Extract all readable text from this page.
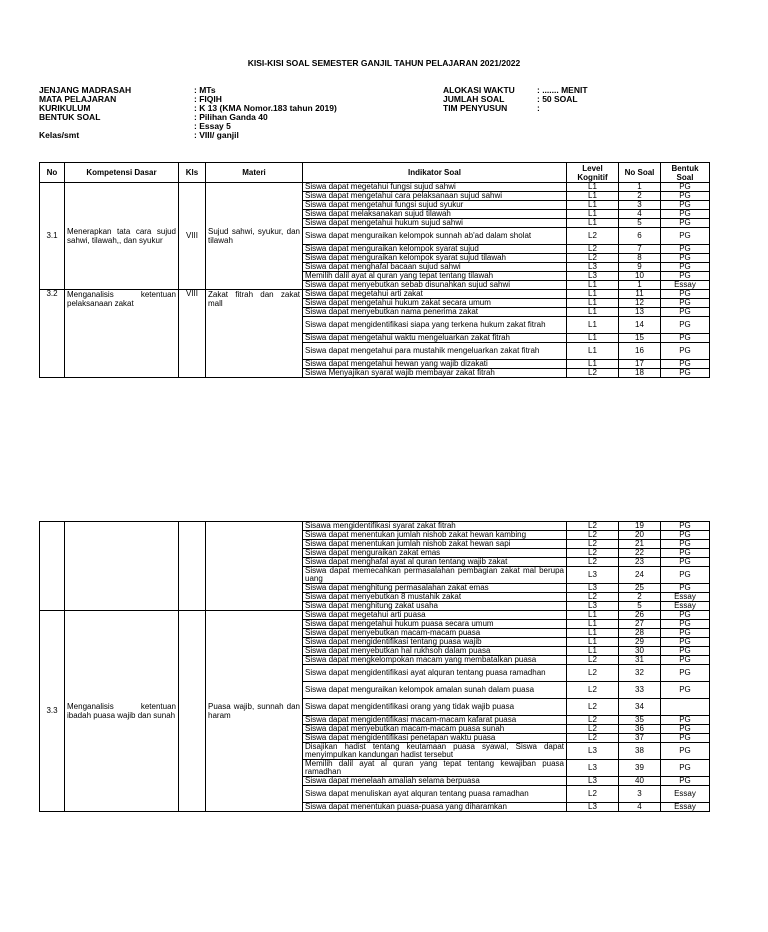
KISI-KISI SOAL SEMESTER GANJIL TAHUN PELAJARAN 2021/2022
JENJANG MADRASAH	: MTs
MATA PELAJARAN	: FIQIH
KURIKULUM	: K 13 (KMA Nomor.183 tahun 2019)
BENTUK SOAL	: Pilihan Ganda 40
: Essay 5
Kelas/smt	: VIII/ ganjil
ALOKASI WAKTU	: ....... MENIT
JUMLAH SOAL	: 50 SOAL
TIM PENYUSUN	:
No	Kompetensi Dasar	Kls	Materi	Indikator Soal	Level Kognitif	No Soal	Bentuk Soal
3.1	Menerapkan tata cara sujud sahwi, tilawah,, dan syukur	VIII	Sujud sahwi, syukur, dan tilawah	Siswa dapat megetahui fungsi sujud sahwi	L1	1	PG
				Siswa dapat mengetahui cara pelaksanaan sujud sahwi	L1	2	PG
				Siswa dapat mengetahui fungsi sujud syukur	L1	3	PG
				Siswa dapat melaksanakan sujud tilawah	L1	4	PG
				Siswa dapat mengetahui hukum sujud sahwi	L1	5	PG
				Siswa dapat menguraikan kelompok sunnah ab'ad dalam sholat	L2	6	PG
				Siswa dapat menguraikan kelompok syarat sujud	L2	7	PG
				Siswa dapat menguraikan kelompok syarat sujud tilawah	L2	8	PG
				Siswa dapat menghafal bacaan sujud sahwi	L3	9	PG
				Memilih dalil ayat al quran yang tepat tentang tilawah	L3	10	PG
				Siswa dapat menyebutkan sebab disunahkan sujud sahwi	L1	1	Essay
3.2	Menganalisis ketentuan pelaksanaan zakat	VIII	Zakat fitrah dan zakat mall	Siswa dapat megetahui arti zakat	L1	11	PG
				Siswa dapat mengetahui hukum zakat secara umum	L1	12	PG
				Siswa dapat menyebutkan nama penerima zakat	L1	13	PG
				Siswa dapat mengidentifikasi siapa yang terkena hukum zakat fitrah	L1	14	PG
				Siswa dapat mengetahui waktu mengeluarkan zakat fitrah	L1	15	PG
				Siswa dapat mengetahui para mustahik mengeluarkan zakat fitrah	L1	16	PG
				Siswa dapat mengetahui hewan yang wajib dizakati	L1	17	PG
				Siswa Menyajikan syarat wajib membayar zakat fitrah	L2	18	PG
				Sisawa mengidentifikasi syarat zakat fitrah	L2	19	PG
				Siswa dapat menentukan jumlah nishob zakat hewan kambing	L2	20	PG
				Siswa dapat menentukan jumlah nishob zakat hewan sapi	L2	21	PG
				Siswa dapat menguraikan zakat emas	L2	22	PG
				Siswa dapat menghafal ayat al quran tentang wajib zakat	L2	23	PG
				Siswa dapat memecahkan permasalahan pembagian zakat mal berupa uang	L3	24	PG
				Siswa dapat menghitung permasalahan zakat emas	L3	25	PG
				Siswa dapat menyebutkan 8 mustahik zakat	L2	2	Essay
				Siswa dapat menghitung zakat usaha	L3	5	Essay
3.3	Menganalisis ketentuan ibadah puasa wajib dan sunah		Puasa wajib, sunnah dan haram	Siswa dapat megetahui arti puasa	L1	26	PG
				Siswa dapat mengetahui hukum puasa secara umum	L1	27	PG
				Siswa dapat menyebutkan macam-macam puasa	L1	28	PG
				Siswa dapat mengidentifikasi tentang puasa wajib	L1	29	PG
				Siswa dapat menyebutkan hal rukhsoh dalam puasa	L1	30	PG
				Siswa dapat mengkelompokan macam yang membatalkan puasa	L2	31	PG
				Siswa dapat mengidentifikasi ayat alquran tentang puasa ramadhan	L2	32	PG
				Siswa dapat menguraikan kelompok amalan sunah dalam puasa	L2	33	PG
				Siswa dapat mengidentifikasi orang yang tidak wajib puasa	L2	34	
				Siswa dapat mengidentifikasi macam-macam kafarat puasa	L2	35	PG
				Siswa dapat menyebutkan macam-macam puasa sunah	L2	36	PG
				Siswa dapat mengidentifikasi penetapan waktu puasa	L2	37	PG
				Disajikan hadist tentang keutamaan puasa syawal, Siswa dapat menyimpulkan kandungan hadist tersebut	L3	38	PG
				Memilih dalil ayat al quran yang tepat tentang kewajiban puasa ramadhan	L3	39	PG
				Siswa dapat menelaah amaliah selama berpuasa	L3	40	PG
				Siswa dapat menuliskan ayat alquran tentang puasa ramadhan	L2	3	Essay
				Siswa dapat menentukan puasa-puasa yang diharamkan	L3	4	Essay
